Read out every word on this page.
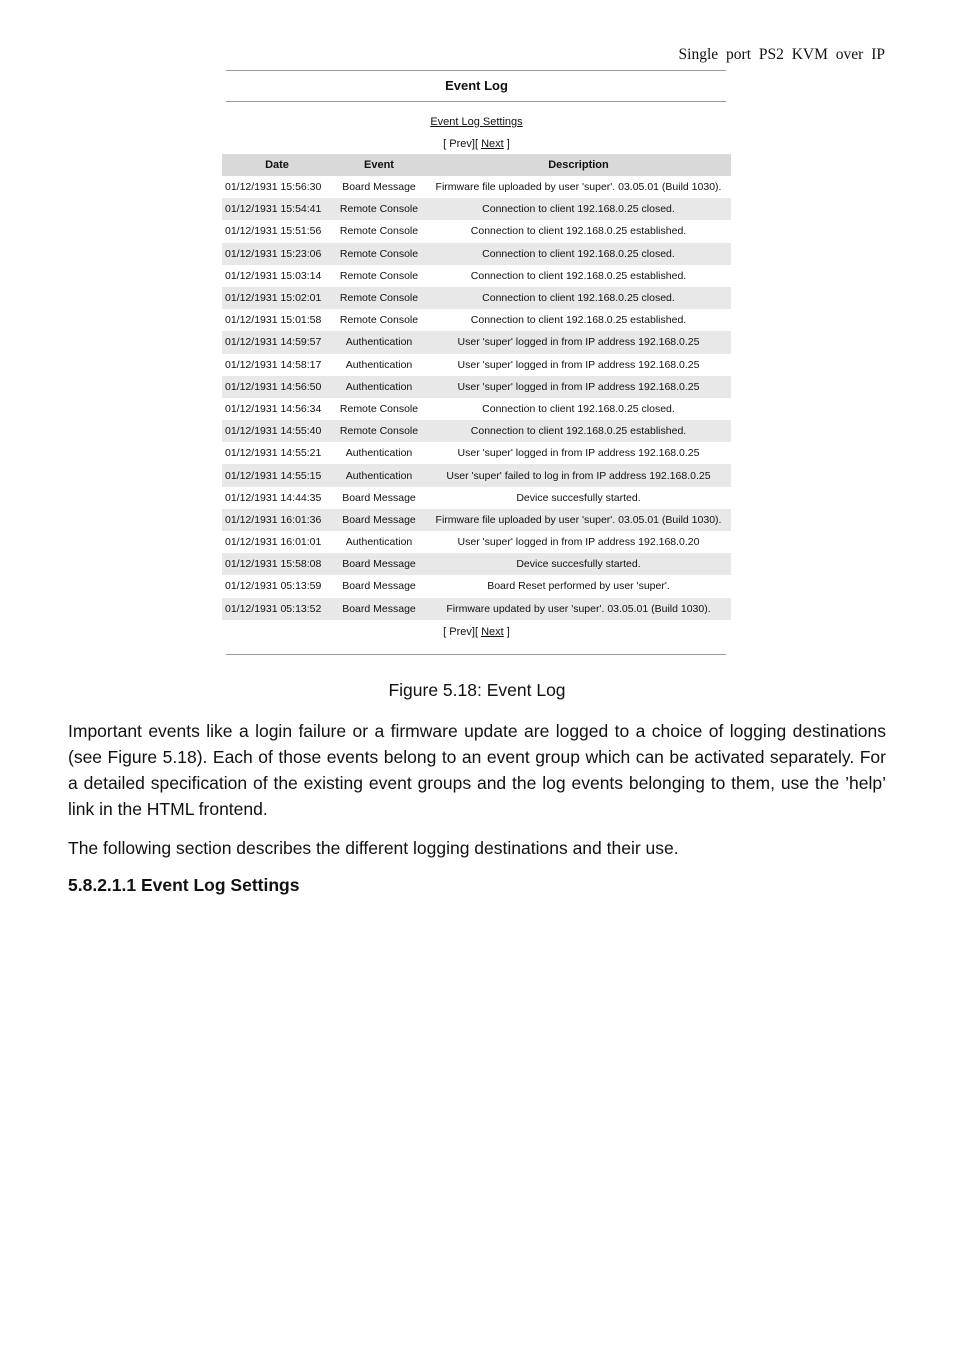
Single port PS2 KVM over IP
Event Log
Event Log Settings
[ Prev][ Next ]
Date	Event	Description
01/12/1931 15:56:30	Board Message	Firmware file uploaded by user 'super'. 03.05.01 (Build 1030).
01/12/1931 15:54:41	Remote Console	Connection to client 192.168.0.25 closed.
01/12/1931 15:51:56	Remote Console	Connection to client 192.168.0.25 established.
01/12/1931 15:23:06	Remote Console	Connection to client 192.168.0.25 closed.
01/12/1931 15:03:14	Remote Console	Connection to client 192.168.0.25 established.
01/12/1931 15:02:01	Remote Console	Connection to client 192.168.0.25 closed.
01/12/1931 15:01:58	Remote Console	Connection to client 192.168.0.25 established.
01/12/1931 14:59:57	Authentication	User 'super' logged in from IP address 192.168.0.25
01/12/1931 14:58:17	Authentication	User 'super' logged in from IP address 192.168.0.25
01/12/1931 14:56:50	Authentication	User 'super' logged in from IP address 192.168.0.25
01/12/1931 14:56:34	Remote Console	Connection to client 192.168.0.25 closed.
01/12/1931 14:55:40	Remote Console	Connection to client 192.168.0.25 established.
01/12/1931 14:55:21	Authentication	User 'super' logged in from IP address 192.168.0.25
01/12/1931 14:55:15	Authentication	User 'super' failed to log in from IP address 192.168.0.25
01/12/1931 14:44:35	Board Message	Device succesfully started.
01/12/1931 16:01:36	Board Message	Firmware file uploaded by user 'super'. 03.05.01 (Build 1030).
01/12/1931 16:01:01	Authentication	User 'super' logged in from IP address 192.168.0.20
01/12/1931 15:58:08	Board Message	Device succesfully started.
01/12/1931 05:13:59	Board Message	Board Reset performed by user 'super'.
01/12/1931 05:13:52	Board Message	Firmware updated by user 'super'. 03.05.01 (Build 1030).
[ Prev][ Next ]
Figure 5.18: Event Log
Important events like a login failure or a firmware update are logged to a choice of logging destinations (see Figure 5.18). Each of those events belong to an event group which can be activated separately. For a detailed specification of the existing event groups and the log events belonging to them, use the ’help’ link in the HTML frontend.
The following section describes the different logging destinations and their use.
5.8.2.1.1 Event Log Settings
